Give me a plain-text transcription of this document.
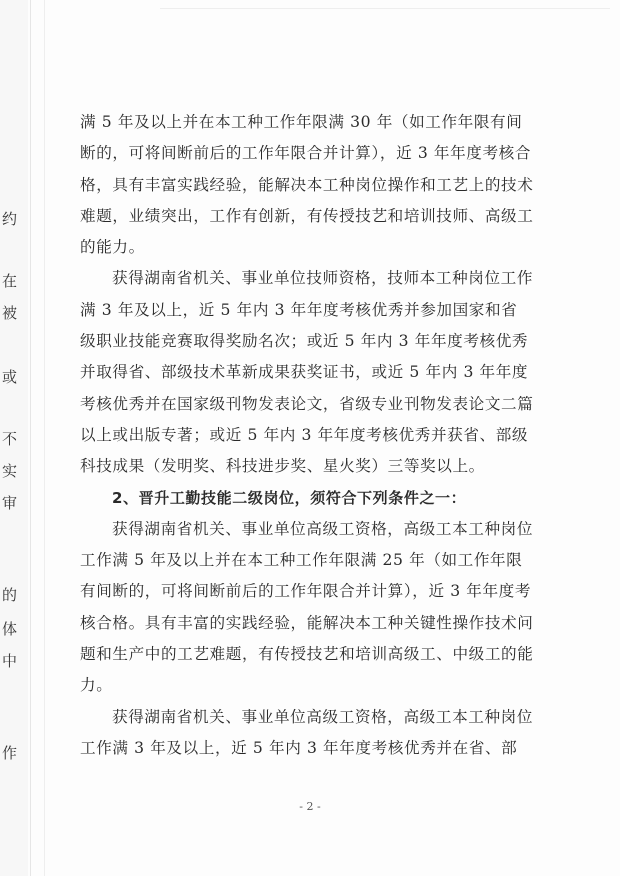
约
在
被
或
不
实
审
的
体
中
作
满 5 年及以上并在本工种工作年限满 30 年（如工作年限有间
断的，可将间断前后的工作年限合并计算），近 3 年年度考核合
格，具有丰富实践经验，能解决本工种岗位操作和工艺上的技术
难题，业绩突出，工作有创新，有传授技艺和培训技师、高级工
的能力。
获得湖南省机关、事业单位技师资格，技师本工种岗位工作
满 3 年及以上，近 5 年内 3 年年度考核优秀并参加国家和省
级职业技能竞赛取得奖励名次；或近 5 年内 3 年年度考核优秀
并取得省、部级技术革新成果获奖证书，或近 5 年内 3 年年度
考核优秀并在国家级刊物发表论文，省级专业刊物发表论文二篇
以上或出版专著；或近 5 年内 3 年年度考核优秀并获省、部级
科技成果（发明奖、科技进步奖、星火奖）三等奖以上。
2、晋升工勤技能二级岗位，须符合下列条件之一：
获得湖南省机关、事业单位高级工资格，高级工本工种岗位
工作满 5 年及以上并在本工种工作年限满 25 年（如工作年限
有间断的，可将间断前后的工作年限合并计算），近 3 年年度考
核合格。具有丰富的实践经验，能解决本工种关键性操作技术问
题和生产中的工艺难题，有传授技艺和培训高级工、中级工的能
力。
获得湖南省机关、事业单位高级工资格，高级工本工种岗位
工作满 3 年及以上，近 5 年内 3 年年度考核优秀并在省、部
- 2 -
